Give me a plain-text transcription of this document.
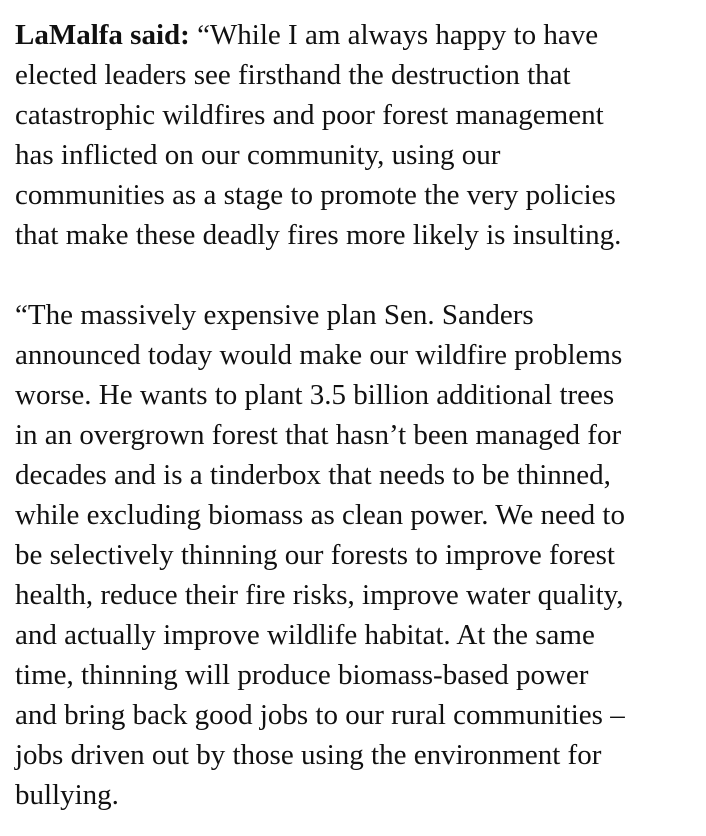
LaMalfa said: “While I am always happy to have
elected leaders see firsthand the destruction that
catastrophic wildfires and poor forest management
has inflicted on our community, using our
communities as a stage to promote the very policies
that make these deadly fires more likely is insulting.
“The massively expensive plan Sen. Sanders
announced today would make our wildfire problems
worse. He wants to plant 3.5 billion additional trees
in an overgrown forest that hasn’t been managed for
decades and is a tinderbox that needs to be thinned,
while excluding biomass as clean power. We need to
be selectively thinning our forests to improve forest
health, reduce their fire risks, improve water quality,
and actually improve wildlife habitat. At the same
time, thinning will produce biomass-based power
and bring back good jobs to our rural communities –
jobs driven out by those using the environment for
bullying.
